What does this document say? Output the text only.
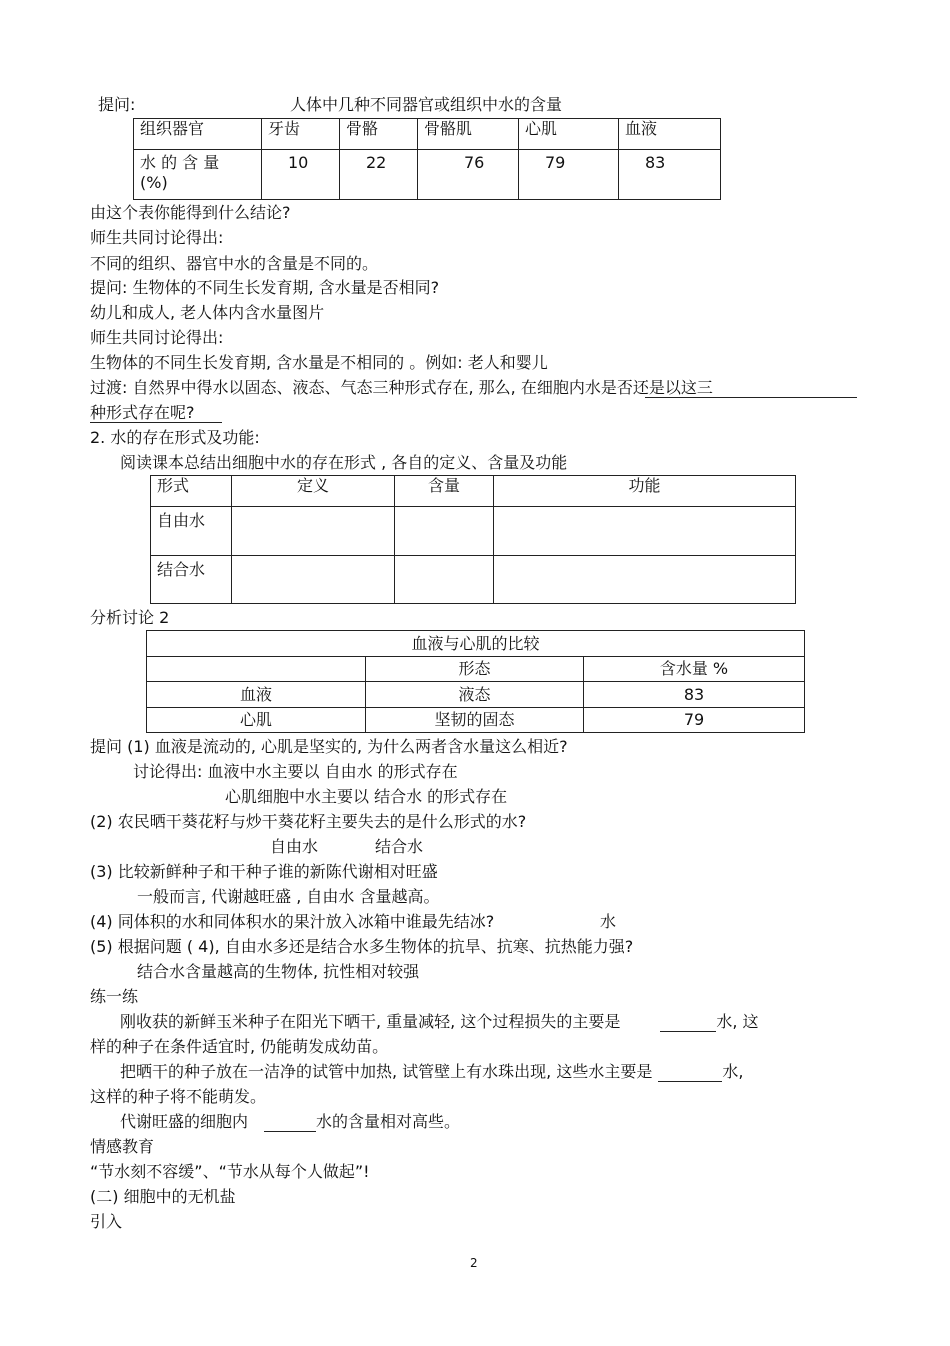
提问:	人体中几种不同器官或组织中水的含量
组织器官	牙齿	骨骼	骨骼肌	心肌	血液

水 的 含 量
(%)	10	22	76	79	83
由这个表你能得到什么结论?
师生共同讨论得出:
不同的组织、器官中水的含量是不同的。
提问: 生物体的不同生长发育期, 含水量是否相同?
幼儿和成人, 老人体内含水量图片
师生共同讨论得出:
生物体的不同生长发育期, 含水量是不相同的 。例如: 老人和婴儿
过渡: 自然界中得水以固态、液态、气态三种形式存在, 那么, 在细胞内水是否还是以这三
种形式存在呢?
2. 水的存在形式及功能:
阅读课本总结出细胞中水的存在形式 , 各自的定义、含量及功能
形式	定义	含量	功能
自由水			
结合水			
分析讨论 2
血液与心肌的比较		
	形态	含水量 %
血液	液态	83
心肌	坚韧的固态	79
提问 (1) 血液是流动的, 心肌是坚实的, 为什么两者含水量这么相近?
讨论得出: 血液中水主要以 自由水 的形式存在
心肌细胞中水主要以 结合水 的形式存在
(2) 农民晒干葵花籽与炒干葵花籽主要失去的是什么形式的水?
自由水	结合水
(3) 比较新鲜种子和干种子谁的新陈代谢相对旺盛
一般而言, 代谢越旺盛 , 自由水 含量越高。
(4) 同体积的水和同体积水的果汁放入冰箱中谁最先结冰?	水
(5) 根据问题 ( 4), 自由水多还是结合水多生物体的抗旱、抗寒、抗热能力强?
结合水含量越高的生物体, 抗性相对较强
练一练
刚收获的新鲜玉米种子在阳光下晒干, 重量减轻, 这个过程损失的主要是	水, 这
样的种子在条件适宜时, 仍能萌发成幼苗。
把晒干的种子放在一洁净的试管中加热, 试管壁上有水珠出现, 这些水主要是	水,
这样的种子将不能萌发。
代谢旺盛的细胞内	水的含量相对高些。
情感教育
“节水刻不容缓”、“节水从每个人做起”!
(二) 细胞中的无机盐
引入
2
